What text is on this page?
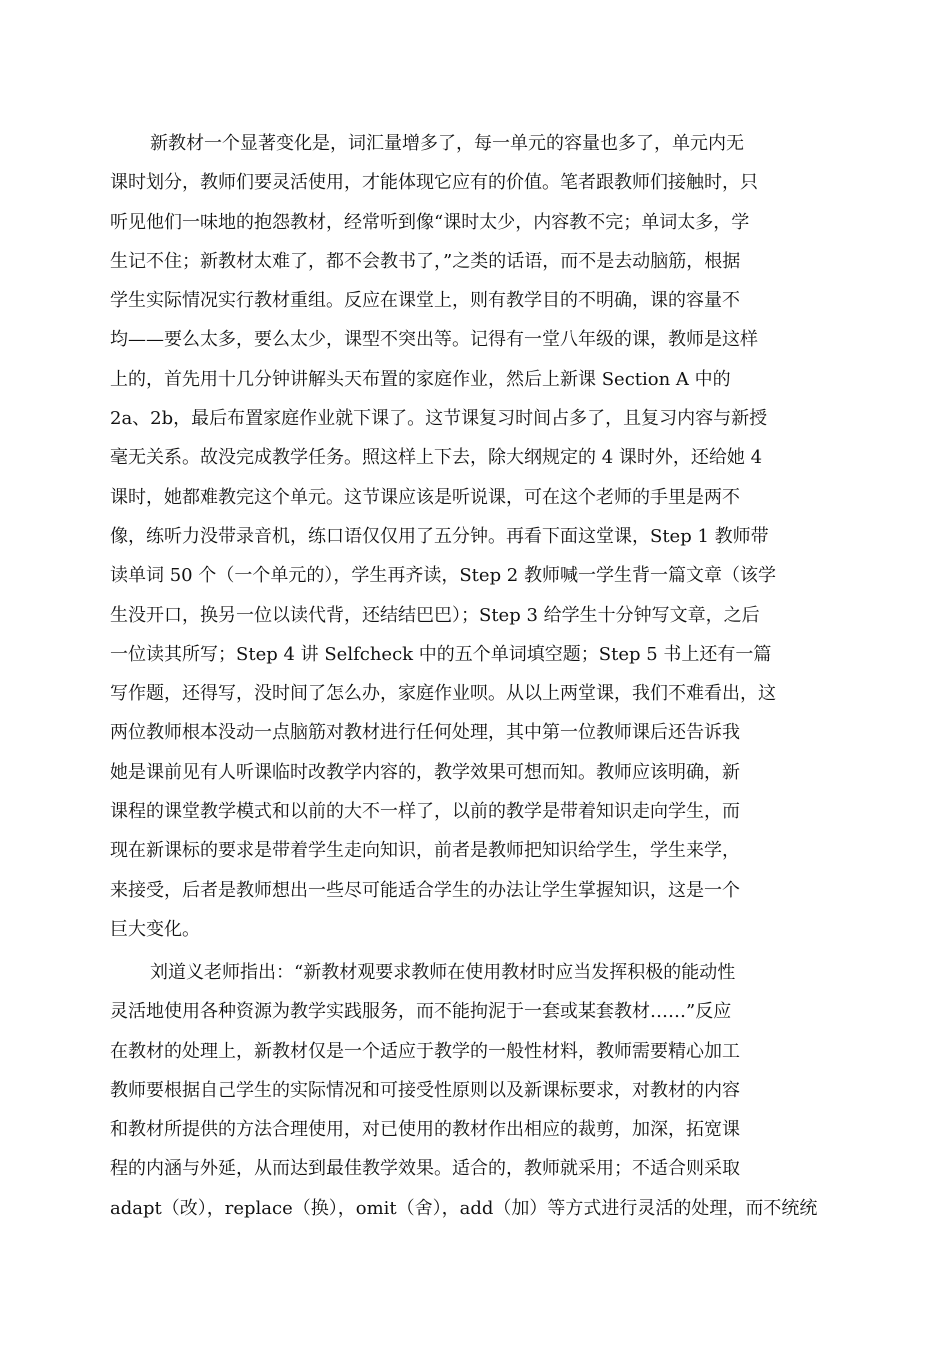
新教材一个显著变化是，词汇量增多了，每一单元的容量也多了，单元内无
课时划分，教师们要灵活使用，才能体现它应有的价值。笔者跟教师们接触时，只
听见他们一味地的抱怨教材，经常听到像“课时太少，内容教不完；单词太多，学
生记不住；新教材太难了，都不会教书了，”之类的话语，而不是去动脑筋，根据
学生实际情况实行教材重组。反应在课堂上，则有教学目的不明确，课的容量不
均——要么太多，要么太少，课型不突出等。记得有一堂八年级的课，教师是这样
上的，首先用十几分钟讲解头天布置的家庭作业，然后上新课 Section A 中的
2a、2b，最后布置家庭作业就下课了。这节课复习时间占多了，且复习内容与新授
毫无关系。故没完成教学任务。照这样上下去，除大纲规定的 4 课时外，还给她 4
课时，她都难教完这个单元。这节课应该是听说课，可在这个老师的手里是两不
像，练听力没带录音机，练口语仅仅用了五分钟。再看下面这堂课，Step 1 教师带
读单词 50 个（一个单元的），学生再齐读，Step 2 教师喊一学生背一篇文章（该学
生没开口，换另一位以读代背，还结结巴巴）；Step 3 给学生十分钟写文章，之后
一位读其所写；Step 4 讲 Selfcheck 中的五个单词填空题；Step 5 书上还有一篇
写作题，还得写，没时间了怎么办，家庭作业呗。从以上两堂课，我们不难看出，这
两位教师根本没动一点脑筋对教材进行任何处理，其中第一位教师课后还告诉我
她是课前见有人听课临时改教学内容的，教学效果可想而知。教师应该明确，新
课程的课堂教学模式和以前的大不一样了，以前的教学是带着知识走向学生，而
现在新课标的要求是带着学生走向知识，前者是教师把知识给学生，学生来学，
来接受，后者是教师想出一些尽可能适合学生的办法让学生掌握知识，这是一个
巨大变化。
刘道义老师指出：“新教材观要求教师在使用教材时应当发挥积极的能动性
灵活地使用各种资源为教学实践服务，而不能拘泥于一套或某套教材……”反应
在教材的处理上，新教材仅是一个适应于教学的一般性材料，教师需要精心加工
教师要根据自己学生的实际情况和可接受性原则以及新课标要求，对教材的内容
和教材所提供的方法合理使用，对已使用的教材作出相应的裁剪，加深，拓宽课
程的内涵与外延，从而达到最佳教学效果。适合的，教师就采用；不适合则采取
adapt（改），replace（换），omit（舍），add（加）等方式进行灵活的处理，而不统统
